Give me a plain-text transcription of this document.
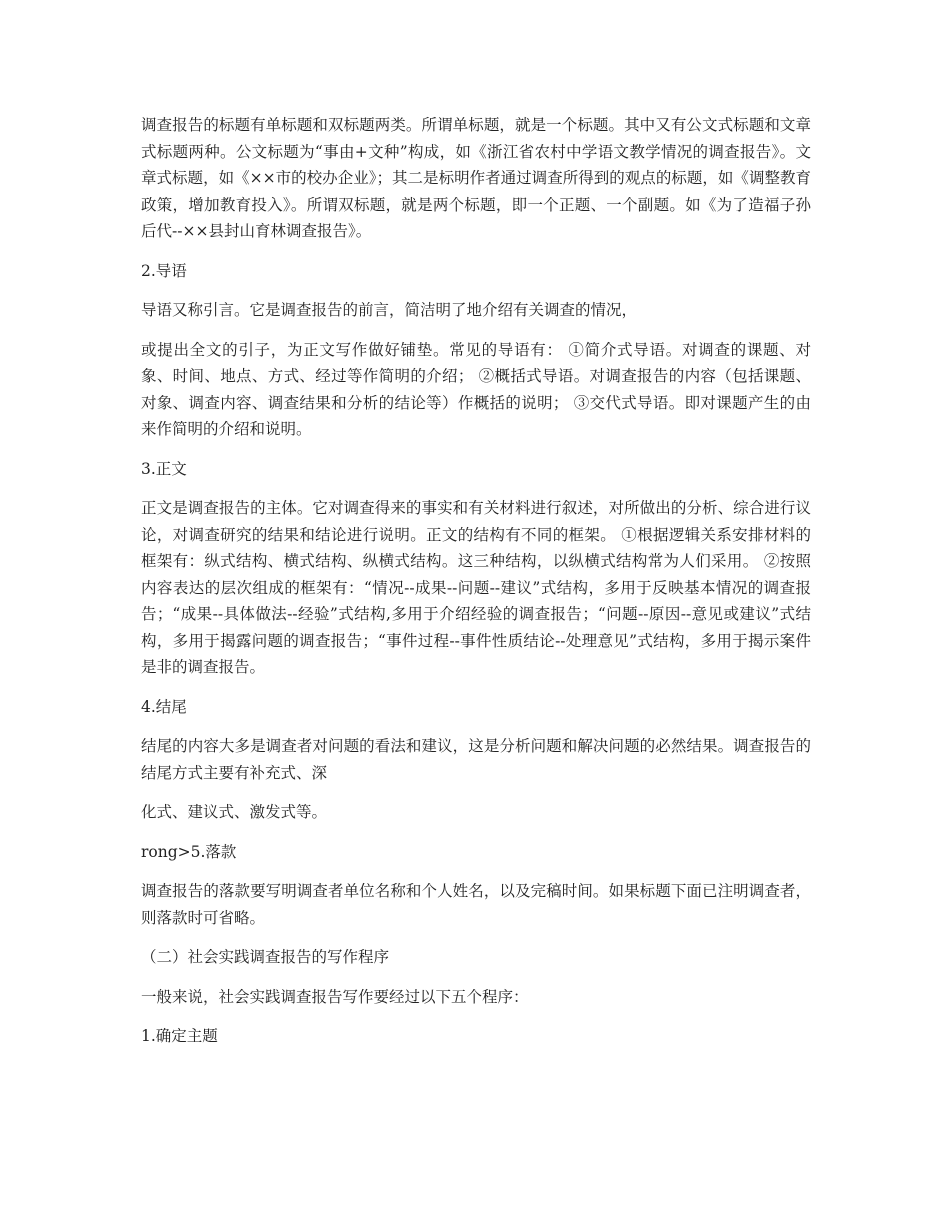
调查报告的标题有单标题和双标题两类。所谓单标题，就是一个标题。其中又有公文式标题和文章式标题两种。公文标题为“事由+文种”构成，如《浙江省农村中学语文教学情况的调查报告》。文章式标题，如《××市的校办企业》；其二是标明作者通过调查所得到的观点的标题，如《调整教育政策，增加教育投入》。所谓双标题，就是两个标题，即一个正题、一个副题。如《为了造福子孙后代--××县封山育林调查报告》。

2.导语

导语又称引言。它是调查报告的前言，简洁明了地介绍有关调查的情况，

或提出全文的引子，为正文写作做好铺垫。常见的导语有： ①简介式导语。对调查的课题、对象、时间、地点、方式、经过等作简明的介绍； ②概括式导语。对调查报告的内容（包括课题、对象、调查内容、调查结果和分析的结论等）作概括的说明； ③交代式导语。即对课题产生的由来作简明的介绍和说明。

3.正文

正文是调查报告的主体。它对调查得来的事实和有关材料进行叙述，对所做出的分析、综合进行议论，对调查研究的结果和结论进行说明。正文的结构有不同的框架。 ①根据逻辑关系安排材料的框架有：纵式结构、横式结构、纵横式结构。这三种结构，以纵横式结构常为人们采用。 ②按照内容表达的层次组成的框架有：“情况--成果--问题--建议”式结构，多用于反映基本情况的调查报告；“成果--具体做法--经验”式结构,多用于介绍经验的调查报告；“问题--原因--意见或建议”式结构，多用于揭露问题的调查报告；“事件过程--事件性质结论--处理意见”式结构，多用于揭示案件是非的调查报告。

4.结尾

结尾的内容大多是调查者对问题的看法和建议，这是分析问题和解决问题的必然结果。调查报告的结尾方式主要有补充式、深

化式、建议式、激发式等。

rong>5.落款

调查报告的落款要写明调查者单位名称和个人姓名，以及完稿时间。如果标题下面已注明调查者，则落款时可省略。

（二）社会实践调查报告的写作程序

一般来说，社会实践调查报告写作要经过以下五个程序：

1.确定主题
